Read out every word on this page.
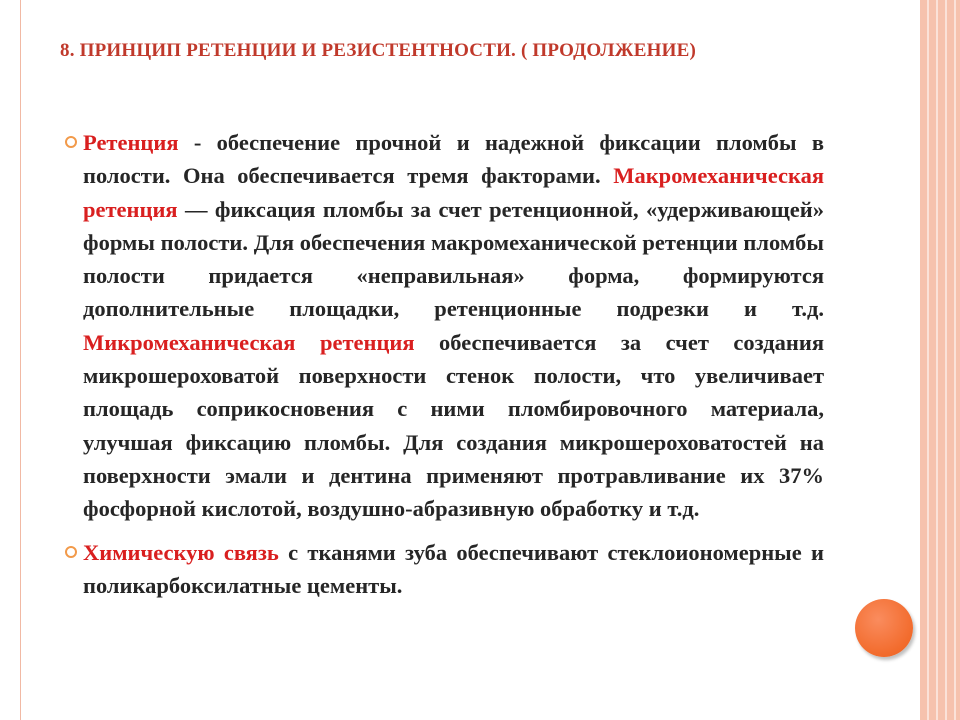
8. ПРИНЦИП РЕТЕНЦИИ И РЕЗИСТЕНТНОСТИ. ( ПРОДОЛЖЕНИЕ)

Ретенция - обеспечение прочной и надежной фиксации пломбы в полости. Она обеспечивается тремя факторами. Макромеханическая ретенция — фиксация пломбы за счет ретенционной, «удерживающей» формы полости. Для обеспечения макромеханической ретенции пломбы полости придается «неправильная» форма, формируются дополнительные площадки, ретенционные подрезки и т.д. Микромеханическая ретенция обеспечивается за счет создания микрошероховатой поверхности стенок полости, что увеличивает площадь соприкосновения с ними пломбировочного материала, улучшая фиксацию пломбы. Для создания микрошероховатостей на поверхности эмали и дентина применяют протравливание их 37% фосфорной кислотой, воздушно-абразивную обработку и т.д.

Химическую связь с тканями зуба обеспечивают стеклоиономерные и поликарбоксилатные цементы.
